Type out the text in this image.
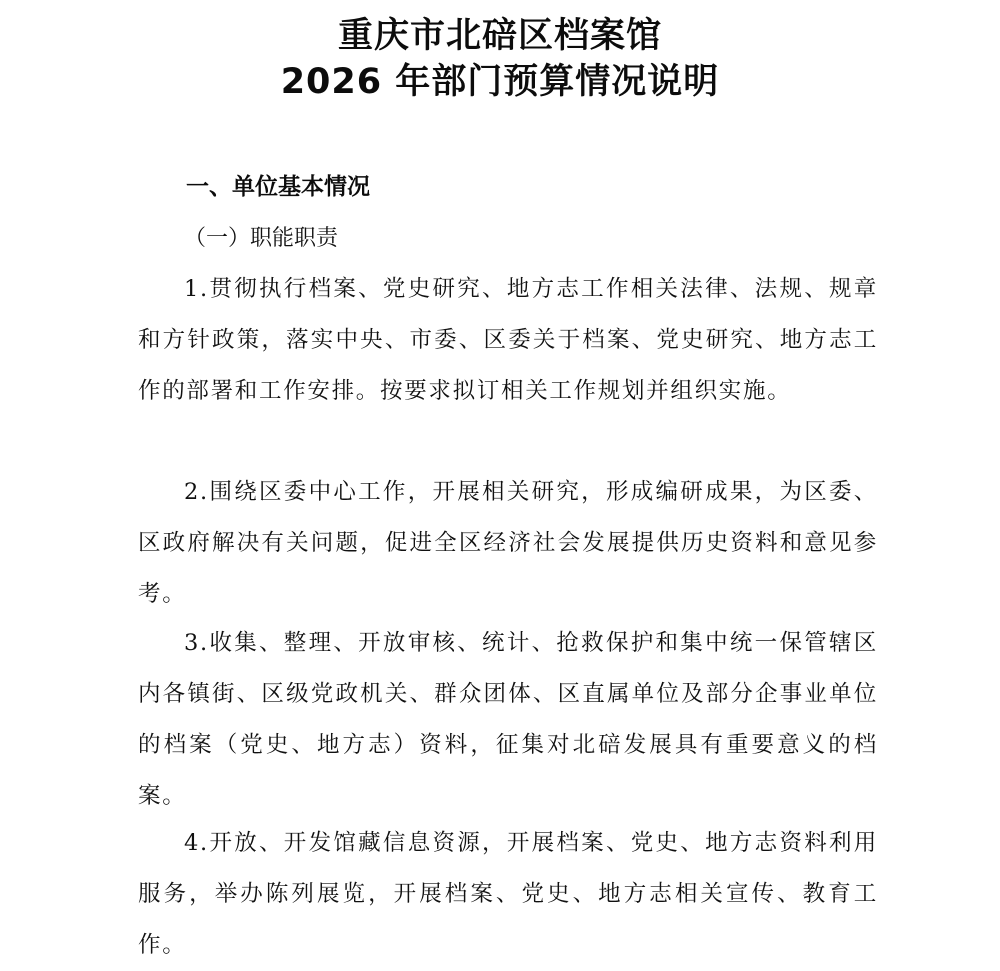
重庆市北碚区档案馆
2026 年部门预算情况说明
一、单位基本情况
（一）职能职责

1.贯彻执行档案、党史研究、地方志工作相关法律、法规、规章和方针政策，落实中央、市委、区委关于档案、党史研究、地方志工作的部署和工作安排。按要求拟订相关工作规划并组织实施。

2.围绕区委中心工作，开展相关研究，形成编研成果，为区委、区政府解决有关问题，促进全区经济社会发展提供历史资料和意见参考。

3.收集、整理、开放审核、统计、抢救保护和集中统一保管辖区内各镇街、区级党政机关、群众团体、区直属单位及部分企事业单位的档案（党史、地方志）资料，征集对北碚发展具有重要意义的档案。

4.开放、开发馆藏信息资源，开展档案、党史、地方志资料利用服务，举办陈列展览，开展档案、党史、地方志相关宣传、教育工作。
